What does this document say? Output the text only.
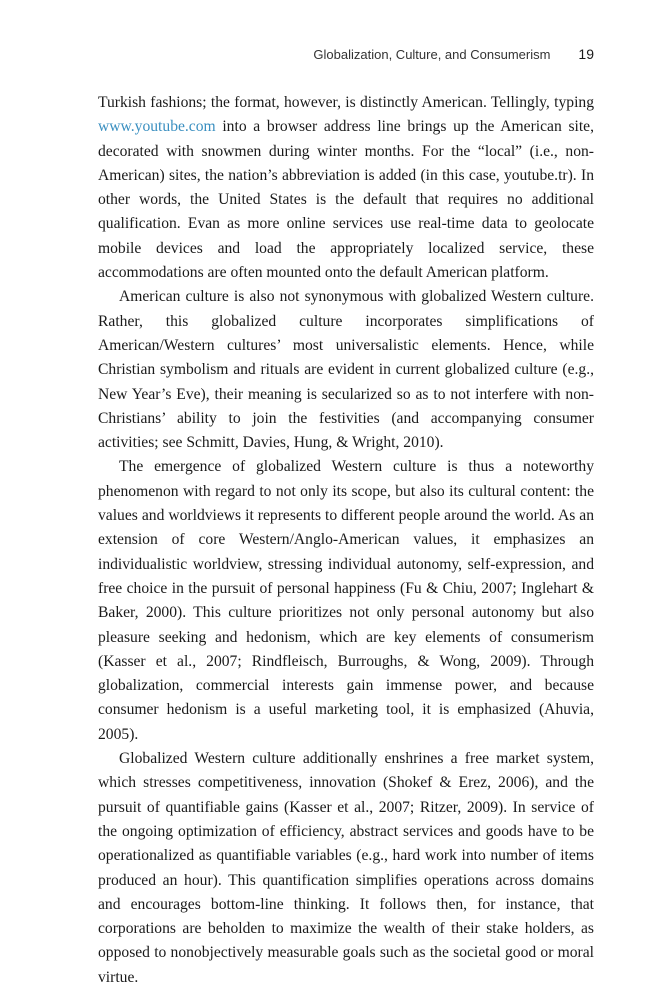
Globalization, Culture, and Consumerism 19

Turkish fashions; the format, however, is distinctly American. Tellingly, typing www.youtube.com into a browser address line brings up the American site, decorated with snowmen during winter months. For the “local” (i.e., non-American) sites, the nation’s abbreviation is added (in this case, youtube.tr). In other words, the United States is the default that requires no additional qualification. Evan as more online services use real-time data to geolocate mobile devices and load the appropriately localized service, these accommodations are often mounted onto the default American platform.

American culture is also not synonymous with globalized Western culture. Rather, this globalized culture incorporates simplifications of American/Western cultures’ most universalistic elements. Hence, while Christian symbolism and rituals are evident in current globalized culture (e.g., New Year’s Eve), their meaning is secularized so as to not interfere with non-Christians’ ability to join the festivities (and accompanying consumer activities; see Schmitt, Davies, Hung, & Wright, 2010).

The emergence of globalized Western culture is thus a noteworthy phenomenon with regard to not only its scope, but also its cultural content: the values and worldviews it represents to different people around the world. As an extension of core Western/Anglo-American values, it emphasizes an individualistic worldview, stressing individual autonomy, self-expression, and free choice in the pursuit of personal happiness (Fu & Chiu, 2007; Inglehart & Baker, 2000). This culture prioritizes not only personal autonomy but also pleasure seeking and hedonism, which are key elements of consumerism (Kasser et al., 2007; Rindfleisch, Burroughs, & Wong, 2009). Through globalization, commercial interests gain immense power, and because consumer hedonism is a useful marketing tool, it is emphasized (Ahuvia, 2005).

Globalized Western culture additionally enshrines a free market system, which stresses competitiveness, innovation (Shokef & Erez, 2006), and the pursuit of quantifiable gains (Kasser et al., 2007; Ritzer, 2009). In service of the ongoing optimization of efficiency, abstract services and goods have to be operationalized as quantifiable variables (e.g., hard work into number of items produced an hour). This quantification simplifies operations across domains and encourages bottom-line thinking. It follows then, for instance, that corporations are beholden to maximize the wealth of their stake holders, as opposed to nonobjectively measurable goals such as the societal good or moral virtue.
